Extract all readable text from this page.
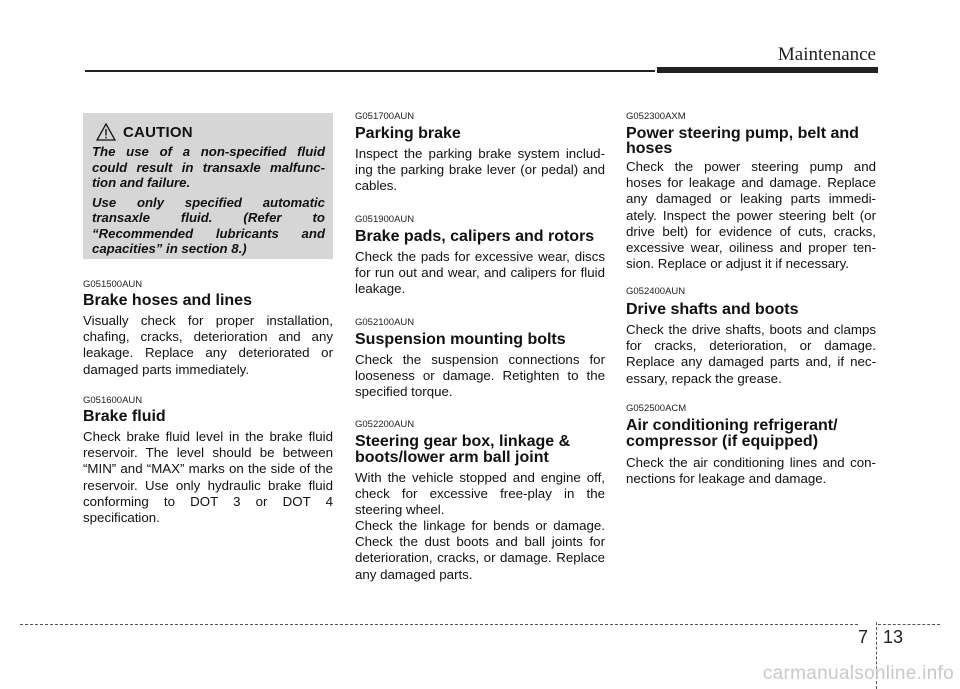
Maintenance
CAUTION

The use of a non-specified fluid could result in transaxle malfunc-tion and failure.

Use only specified automatic transaxle fluid. (Refer to “Recommended lubricants and capacities” in section 8.)

G051500AUN

Brake hoses and lines

Visually check for proper installation, chafing, cracks, deterioration and any leakage. Replace any deteriorated or damaged parts immediately.

G051600AUN

Brake fluid

Check brake fluid level in the brake fluid reservoir. The level should be between “MIN” and “MAX” marks on the side of the reservoir. Use only hydraulic brake fluid conforming to DOT 3 or DOT 4 specification.

G051700AUN

Parking brake

Inspect the parking brake system includ-ing the parking brake lever (or pedal) and cables.

G051900AUN

Brake pads, calipers and rotors

Check the pads for excessive wear, discs for run out and wear, and calipers for fluid leakage.

G052100AUN

Suspension mounting bolts

Check the suspension connections for looseness or damage. Retighten to the specified torque.

G052200AUN

Steering gear box, linkage &
boots/lower arm ball joint

With the vehicle stopped and engine off, check for excessive free-play in the steering wheel.

Check the linkage for bends or damage. Check the dust boots and ball joints for deterioration, cracks, or damage. Replace any damaged parts.

G052300AXM

Power steering pump, belt and
hoses

Check the power steering pump and hoses for leakage and damage. Replace any damaged or leaking parts immedi-ately. Inspect the power steering belt (or drive belt) for evidence of cuts, cracks, excessive wear, oiliness and proper ten-sion. Replace or adjust it if necessary.

G052400AUN

Drive shafts and boots

Check the drive shafts, boots and clamps for cracks, deterioration, or damage. Replace any damaged parts and, if nec-essary, repack the grease.

G052500ACM

Air conditioning refrigerant/
compressor (if equipped)

Check the air conditioning lines and con-nections for leakage and damage.

7 13
carmanualsonline.info
